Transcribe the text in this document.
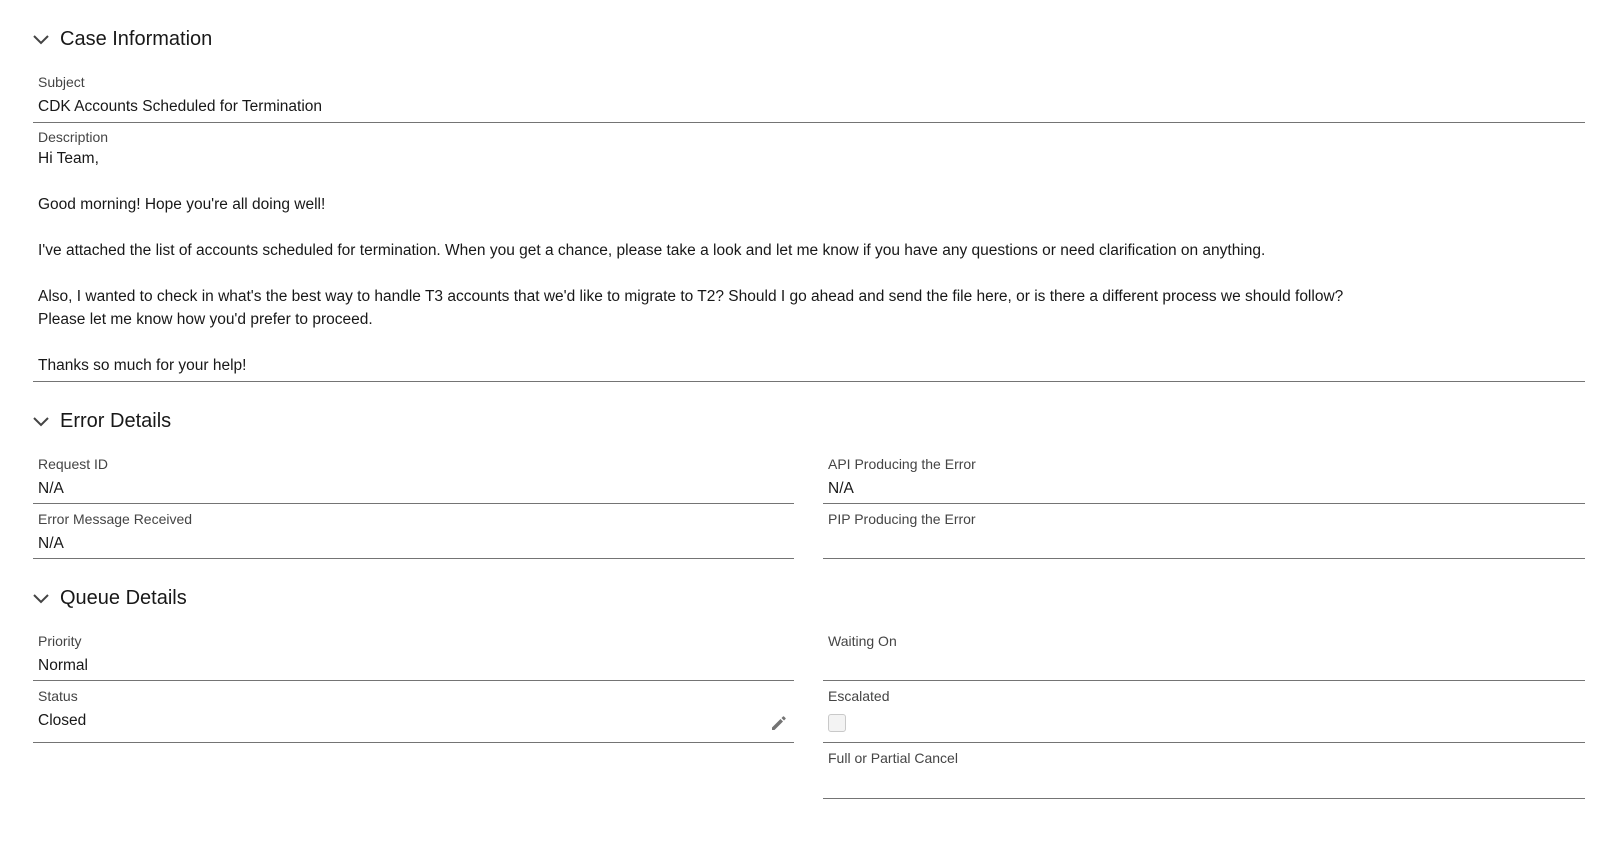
Case Information
Subject
CDK Accounts Scheduled for Termination
Description
Hi Team,

Good morning! Hope you're all doing well!

I've attached the list of accounts scheduled for termination. When you get a chance, please take a look and let me know if you have any questions or need clarification on anything.

Also, I wanted to check in what's the best way to handle T3 accounts that we'd like to migrate to T2? Should I go ahead and send the file here, or is there a different process we should follow?
Please let me know how you'd prefer to proceed.

Thanks so much for your help!
Error Details
Request ID
N/A
API Producing the Error
N/A
Error Message Received
N/A
PIP Producing the Error
Queue Details
Priority
Normal
Waiting On
Status
Closed
Escalated
Full or Partial Cancel
